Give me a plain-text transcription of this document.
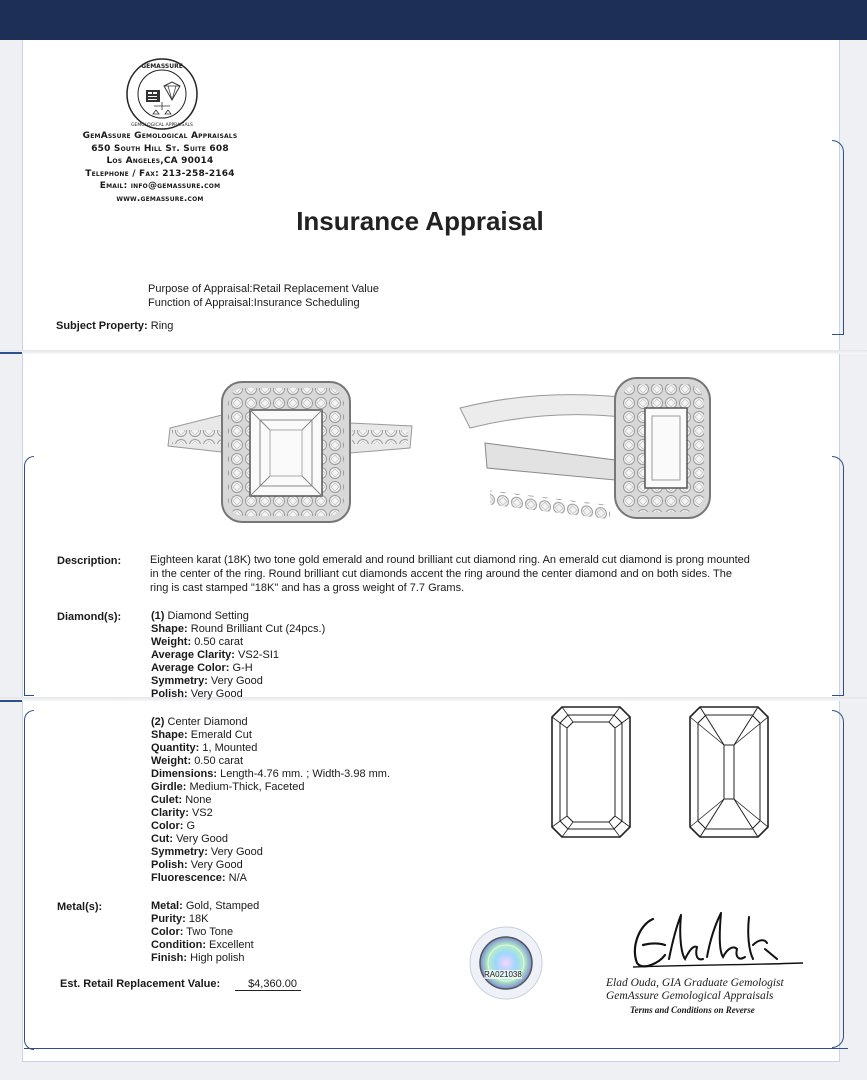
GEMASSURE
GEMOLOGICAL APPRAISALS
GemAssure Gemological Appraisals
650 South Hill St. Suite 608
Los Angeles,CA 90014
Telephone / Fax: 213-258-2164
Email: info@gemassure.com
www.gemassure.com
Insurance Appraisal
Purpose of Appraisal:Retail Replacement Value
Function of Appraisal:Insurance Scheduling
Subject Property: Ring
Description:	Eighteen karat (18K) two tone gold emerald and round brilliant cut diamond ring. An emerald cut diamond is prong mounted in the center of the ring. Round brilliant cut diamonds accent the ring around the center diamond and on both sides. The ring is cast stamped "18K" and has a gross weight of 7.7 Grams.
Diamond(s):	(1) Diamond Setting
Shape: Round Brilliant Cut (24pcs.)
Weight: 0.50 carat
Average Clarity: VS2-SI1
Average Color: G-H
Symmetry: Very Good
Polish: Very Good
(2) Center Diamond
Shape: Emerald Cut
Quantity: 1, Mounted
Weight: 0.50 carat
Dimensions: Length-4.76 mm. ; Width-3.98 mm.
Girdle: Medium-Thick, Faceted
Culet: None
Clarity: VS2
Color: G
Cut: Very Good
Symmetry: Very Good
Polish: Very Good
Fluorescence: N/A
Metal(s):	Metal: Gold, Stamped
Purity: 18K
Color: Two Tone
Condition: Excellent
Finish: High polish
RA021038
Est. Retail Replacement Value:	$4,360.00	Elad Ouda, GIA Graduate Gemologist
GemAssure Gemological Appraisals
Terms and Conditions on Reverse
